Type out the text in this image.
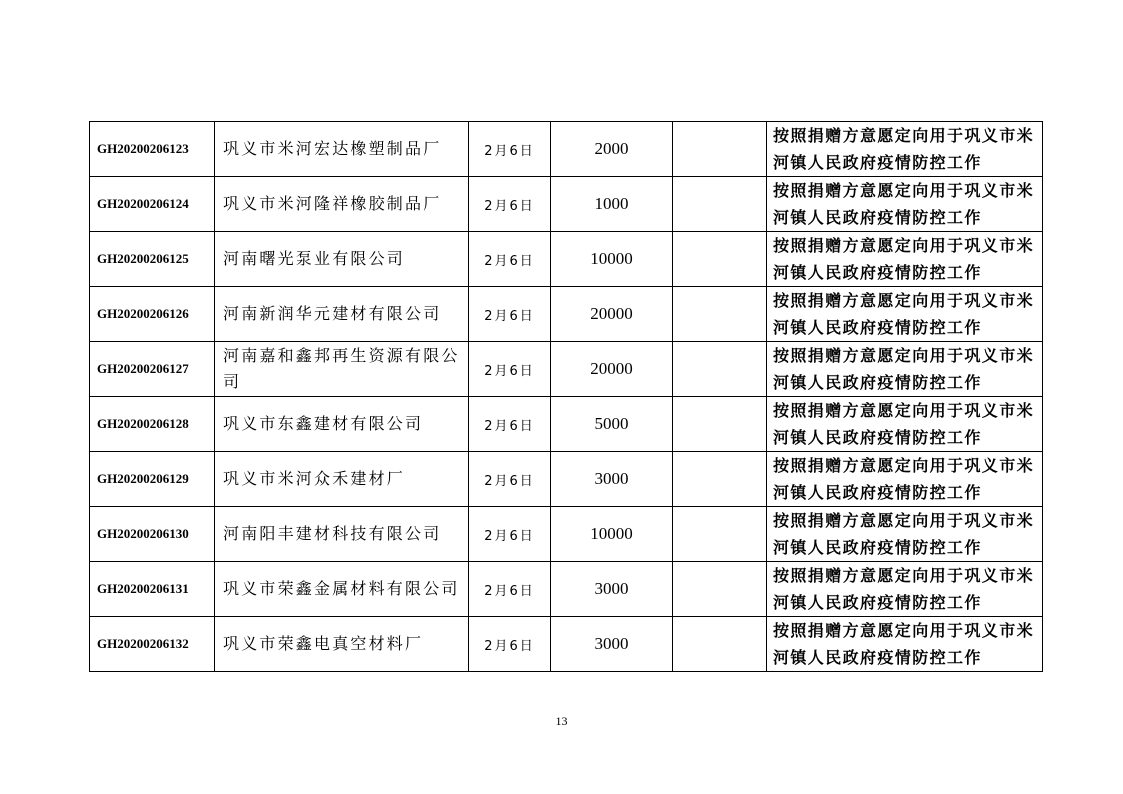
GH20200206123	巩义市米河宏达橡塑制品厂	2月6日	2000		按照捐赠方意愿定向用于巩义市米河镇人民政府疫情防控工作
GH20200206124	巩义市米河隆祥橡胶制品厂	2月6日	1000		按照捐赠方意愿定向用于巩义市米河镇人民政府疫情防控工作
GH20200206125	河南曙光泵业有限公司	2月6日	10000		按照捐赠方意愿定向用于巩义市米河镇人民政府疫情防控工作
GH20200206126	河南新润华元建材有限公司	2月6日	20000		按照捐赠方意愿定向用于巩义市米河镇人民政府疫情防控工作
GH20200206127	河南嘉和鑫邦再生资源有限公司	2月6日	20000		按照捐赠方意愿定向用于巩义市米河镇人民政府疫情防控工作
GH20200206128	巩义市东鑫建材有限公司	2月6日	5000		按照捐赠方意愿定向用于巩义市米河镇人民政府疫情防控工作
GH20200206129	巩义市米河众禾建材厂	2月6日	3000		按照捐赠方意愿定向用于巩义市米河镇人民政府疫情防控工作
GH20200206130	河南阳丰建材科技有限公司	2月6日	10000		按照捐赠方意愿定向用于巩义市米河镇人民政府疫情防控工作
GH20200206131	巩义市荣鑫金属材料有限公司	2月6日	3000		按照捐赠方意愿定向用于巩义市米河镇人民政府疫情防控工作
GH20200206132	巩义市荣鑫电真空材料厂	2月6日	3000		按照捐赠方意愿定向用于巩义市米河镇人民政府疫情防控工作
13
